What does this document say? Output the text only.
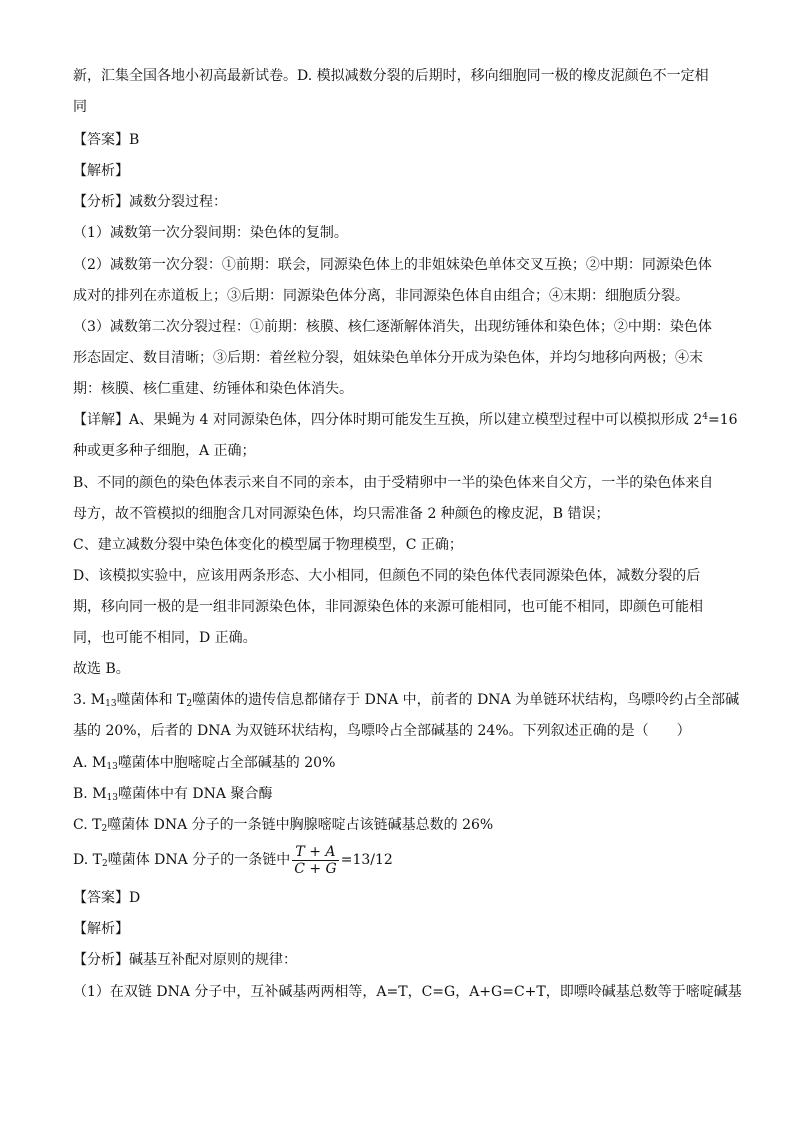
新，汇集全国各地小初高最新试卷。D. 模拟减数分裂的后期时，移向细胞同一极的橡皮泥颜色不一定相
同
【答案】B
【解析】
【分析】减数分裂过程：
（1）减数第一次分裂间期：染色体的复制。
（2）减数第一次分裂：①前期：联会，同源染色体上的非姐妹染色单体交叉互换；②中期：同源染色体
成对的排列在赤道板上；③后期：同源染色体分离，非同源染色体自由组合；④末期：细胞质分裂。
（3）减数第二次分裂过程：①前期：核膜、核仁逐渐解体消失，出现纺锤体和染色体；②中期：染色体
形态固定、数目清晰；③后期：着丝粒分裂，姐妹染色单体分开成为染色体，并均匀地移向两极；④末
期：核膜、核仁重建、纺锤体和染色体消失。
【详解】A、果蝇为 4 对同源染色体，四分体时期可能发生互换，所以建立模型过程中可以模拟形成 $2^4=16$
种或更多种子细胞，A 正确；
B、不同的颜色的染色体表示来自不同的亲本，由于受精卵中一半的染色体来自父方，一半的染色体来自
母方，故不管模拟的细胞含几对同源染色体，均只需准备 2 种颜色的橡皮泥，B 错误；
C、建立减数分裂中染色体变化的模型属于物理模型，C 正确；
D、该模拟实验中，应该用两条形态、大小相同，但颜色不同的染色体代表同源染色体，减数分裂的后
期，移向同一极的是一组非同源染色体，非同源染色体的来源可能相同，也可能不相同，即颜色可能相
同，也可能不相同，D 正确。
故选 B。
3. $M_{13}$噬菌体和 $T_2$噬菌体的遗传信息都储存于 DNA 中，前者的 DNA 为单链环状结构，鸟嘌呤约占全部碱
基的 20%，后者的 DNA 为双链环状结构，鸟嘌呤占全部碱基的 24%。下列叙述正确的是（　　）
A. $M_{13}$噬菌体中胞嘧啶占全部碱基的 20%
B. $M_{13}$噬菌体中有 DNA 聚合酶
C. $T_2$噬菌体 DNA 分子的一条链中胸腺嘧啶占该链碱基总数的 26%
D. $T_2$噬菌体 DNA 分子的一条链中 $\frac{T + A}{C + G} =13/12$
【答案】D
【解析】
【分析】碱基互补配对原则的规律：
（1）在双链 DNA 分子中，互补碱基两两相等，A=T，C=G，A+G=C+T，即嘌呤碱基总数等于嘧啶碱基
